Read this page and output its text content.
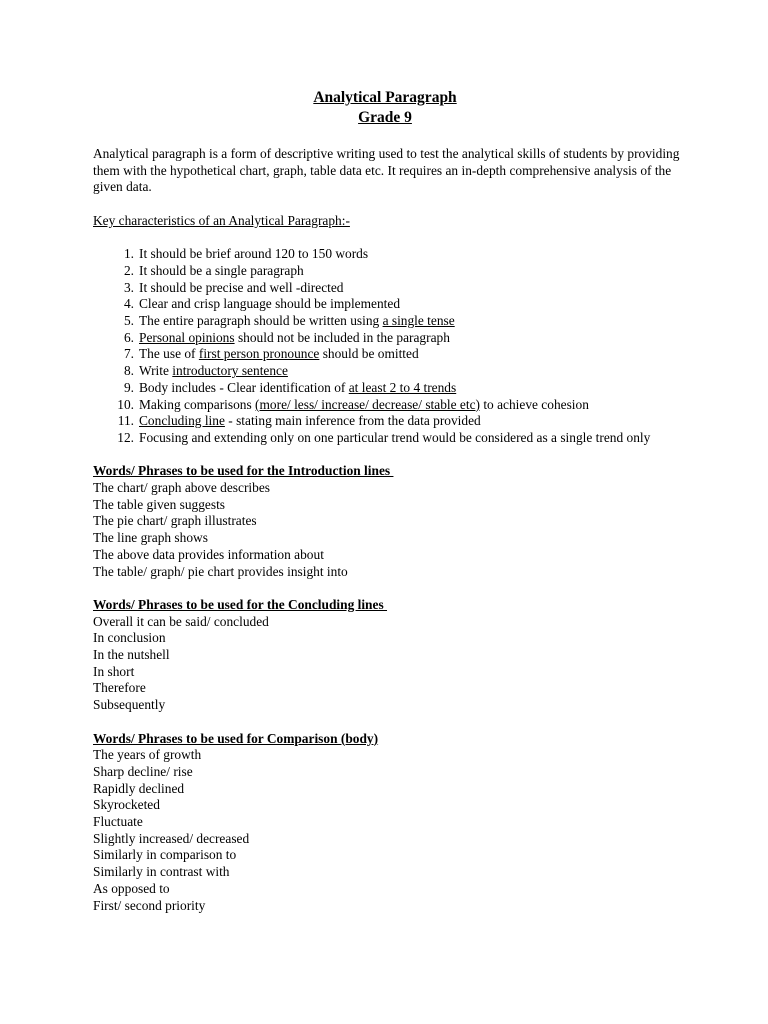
Analytical Paragraph
Grade 9
Analytical paragraph is a form of descriptive writing used to test the analytical skills of students by providing them with the hypothetical chart, graph, table data etc. It requires an in-depth comprehensive analysis of the given data.
Key characteristics of an Analytical Paragraph:-
1. It should be brief around 120 to 150 words
2. It should be a single paragraph
3. It should be precise and well -directed
4. Clear and crisp language should be implemented
5. The entire paragraph should be written using a single tense
6. Personal opinions should not be included in the paragraph
7. The use of first person pronounce should be omitted
8. Write introductory sentence
9. Body includes - Clear identification of at least 2 to 4 trends
10. Making comparisons (more/ less/ increase/ decrease/ stable etc) to achieve cohesion
11. Concluding line - stating main inference from the data provided
12. Focusing and extending only on one particular trend would be considered as a single trend only
Words/ Phrases to be used for the Introduction lines
The chart/ graph above describes
The table given suggests
The pie chart/ graph illustrates
The line graph shows
The above data provides information about
The table/ graph/ pie chart provides insight into
Words/ Phrases to be used for the Concluding lines
Overall it can be said/ concluded
In conclusion
In the nutshell
In short
Therefore
Subsequently
Words/ Phrases to be used for Comparison (body)
The years of growth
Sharp decline/ rise
Rapidly declined
Skyrocketed
Fluctuate
Slightly increased/ decreased
Similarly in comparison to
Similarly in contrast with
As opposed to
First/ second priority
